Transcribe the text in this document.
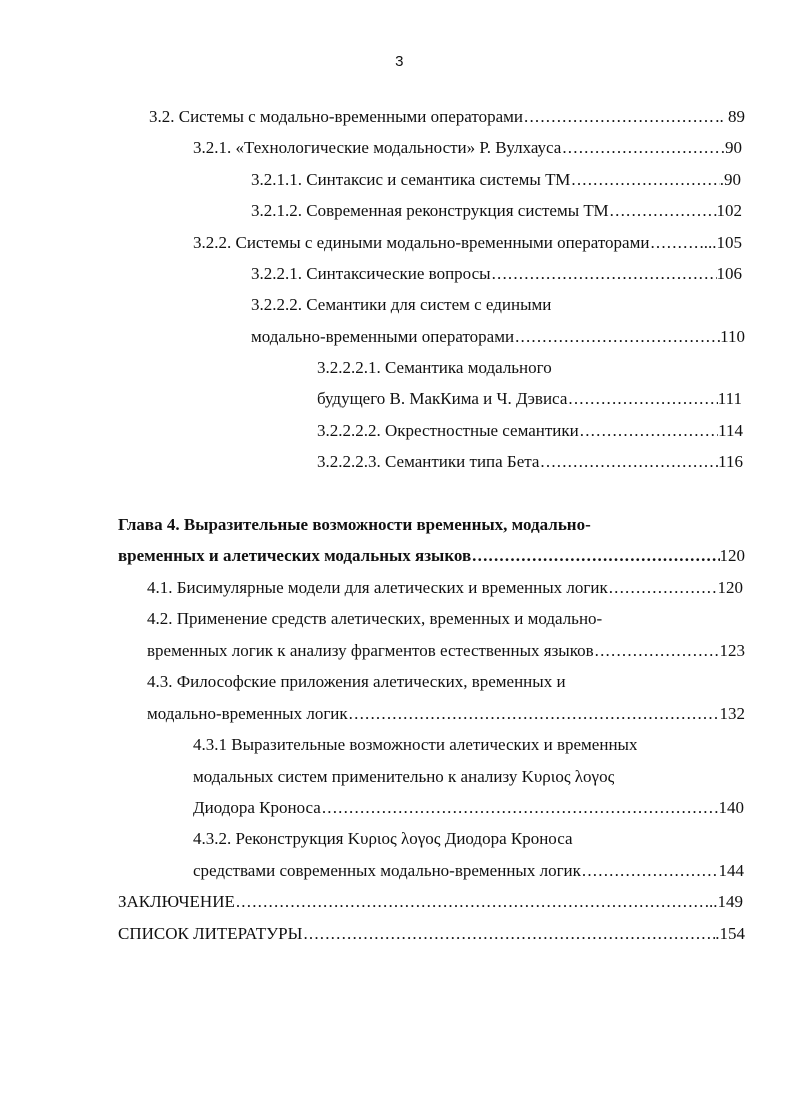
3
3.2. Системы с модально-временными операторами .....	.. 89
3.2.1. «Технологические модальности» Р. Вулхауса .....	.90
3.2.1.1. Синтаксис и семантика системы ТМ .....	.90
3.2.1.2. Современная реконструкция системы ТМ .....	102
3.2.2. Системы с едиными модально-временными операторами .....	...105
3.2.2.1. Синтаксические вопросы .....	106
3.2.2.2. Семантики для систем с едиными
модально-временными операторами .....	110
3.2.2.2.1. Семантика модального
будущего В. МакКима и Ч. Дэвиса .....	111
3.2.2.2.2. Окрестностные семантики .....	114
3.2.2.2.3. Семантики типа Бета .....	116
Глава 4. Выразительные возможности временных, модально-
временных и алетических модальных языков .....	120
4.1. Бисимулярные модели для алетических и временных логик .....	120
4.2. Применение средств алетических, временных и модально-
временных логик к анализу фрагментов естественных языков .....	123
4.3. Философские приложения алетических, временных и
модально-временных логик .....	132
4.3.1 Выразительные возможности алетических и временных
модальных систем применительно к анализу Κυριος λογος
Диодора Кроноса .....	140
4.3.2. Реконструкция Κυριος λογος Диодора Кроноса
средствами современных модально-временных логик .....	144
ЗАКЛЮЧЕНИЕ .....	...149
СПИСОК ЛИТЕРАТУРЫ .....	.154
